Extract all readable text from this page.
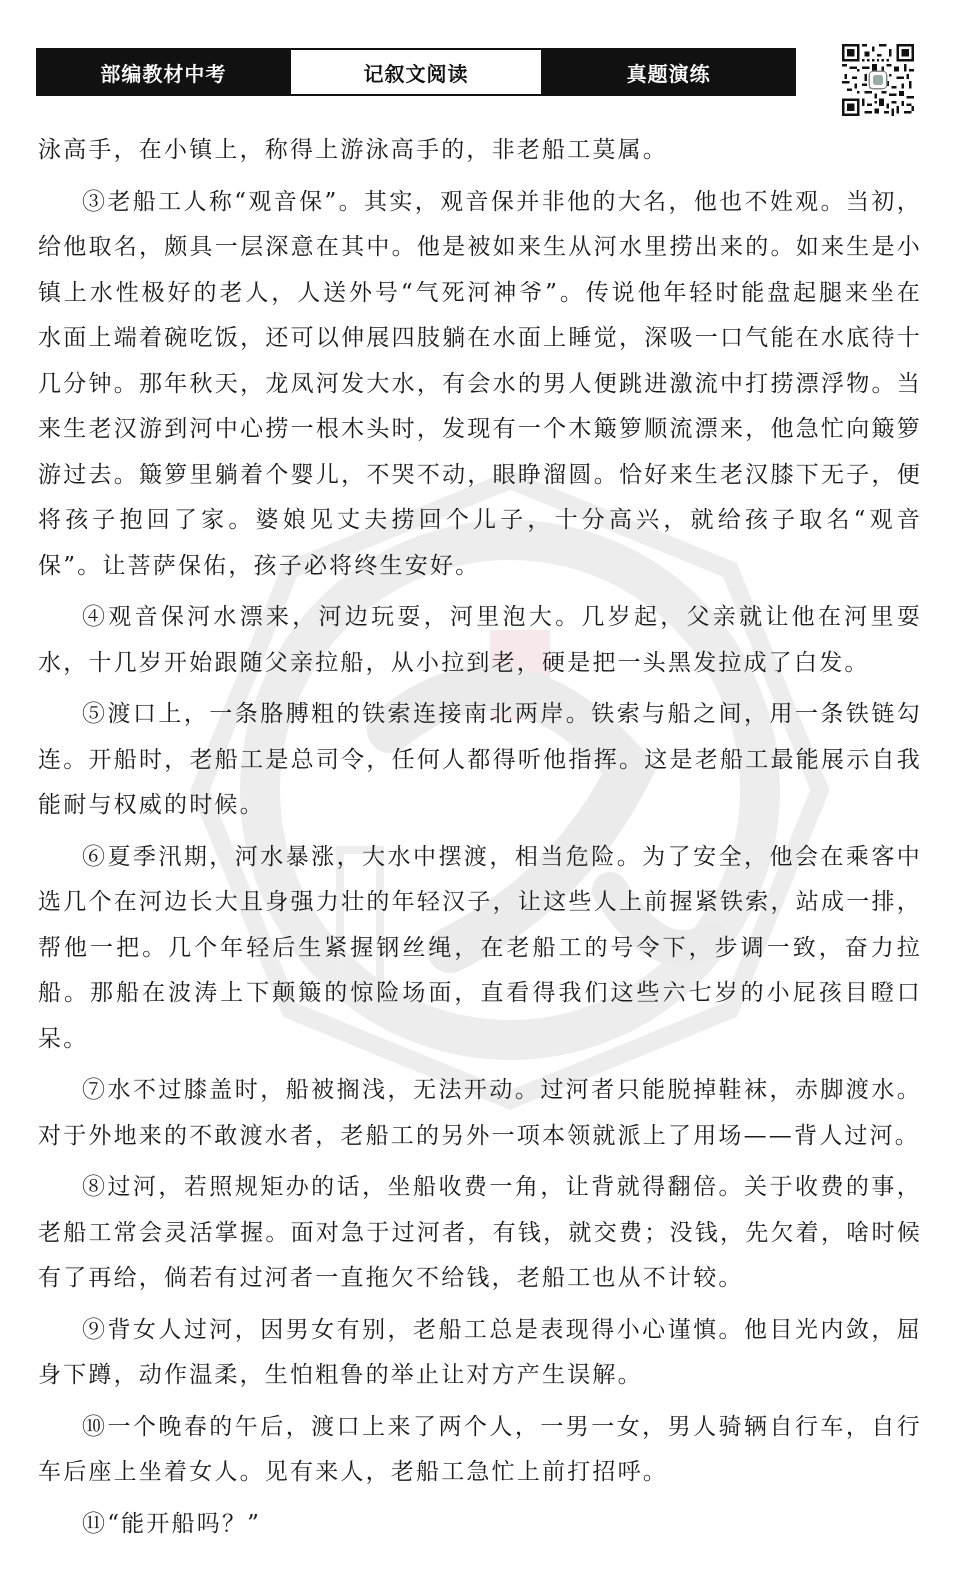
部编教材中考	记叙文阅读	真题演练

泳高手，在小镇上，称得上游泳高手的，非老船工莫属。

③老船工人称“观音保”。其实，观音保并非他的大名，他也不姓观。当初，给他取名，颇具一层深意在其中。他是被如来生从河水里捞出来的。如来生是小镇上水性极好的老人，人送外号“气死河神爷”。传说他年轻时能盘起腿来坐在水面上端着碗吃饭，还可以伸展四肢躺在水面上睡觉，深吸一口气能在水底待十几分钟。那年秋天，龙凤河发大水，有会水的男人便跳进激流中打捞漂浮物。当来生老汉游到河中心捞一根木头时，发现有一个木簸箩顺流漂来，他急忙向簸箩游过去。簸箩里躺着个婴儿，不哭不动，眼睁溜圆。恰好来生老汉膝下无子，便将孩子抱回了家。婆娘见丈夫捞回个儿子，十分高兴，就给孩子取名“观音保”。让菩萨保佑，孩子必将终生安好。

④观音保河水漂来，河边玩耍，河里泡大。几岁起，父亲就让他在河里耍水，十几岁开始跟随父亲拉船，从小拉到老，硬是把一头黑发拉成了白发。

⑤渡口上，一条胳膊粗的铁索连接南北两岸。铁索与船之间，用一条铁链勾连。开船时，老船工是总司令，任何人都得听他指挥。这是老船工最能展示自我能耐与权威的时候。

⑥夏季汛期，河水暴涨，大水中摆渡，相当危险。为了安全，他会在乘客中选几个在河边长大且身强力壮的年轻汉子，让这些人上前握紧铁索，站成一排，帮他一把。几个年轻后生紧握钢丝绳，在老船工的号令下，步调一致，奋力拉船。那船在波涛上下颠簸的惊险场面，直看得我们这些六七岁的小屁孩目瞪口呆。

⑦水不过膝盖时，船被搁浅，无法开动。过河者只能脱掉鞋袜，赤脚渡水。对于外地来的不敢渡水者，老船工的另外一项本领就派上了用场——背人过河。

⑧过河，若照规矩办的话，坐船收费一角，让背就得翻倍。关于收费的事，老船工常会灵活掌握。面对急于过河者，有钱，就交费；没钱，先欠着，啥时候有了再给，倘若有过河者一直拖欠不给钱，老船工也从不计较。

⑨背女人过河，因男女有别，老船工总是表现得小心谨慎。他目光内敛，屈身下蹲，动作温柔，生怕粗鲁的举止让对方产生误解。

⑩一个晚春的午后，渡口上来了两个人，一男一女，男人骑辆自行车，自行车后座上坐着女人。见有来人，老船工急忙上前打招呼。

⑪“能开船吗？”
